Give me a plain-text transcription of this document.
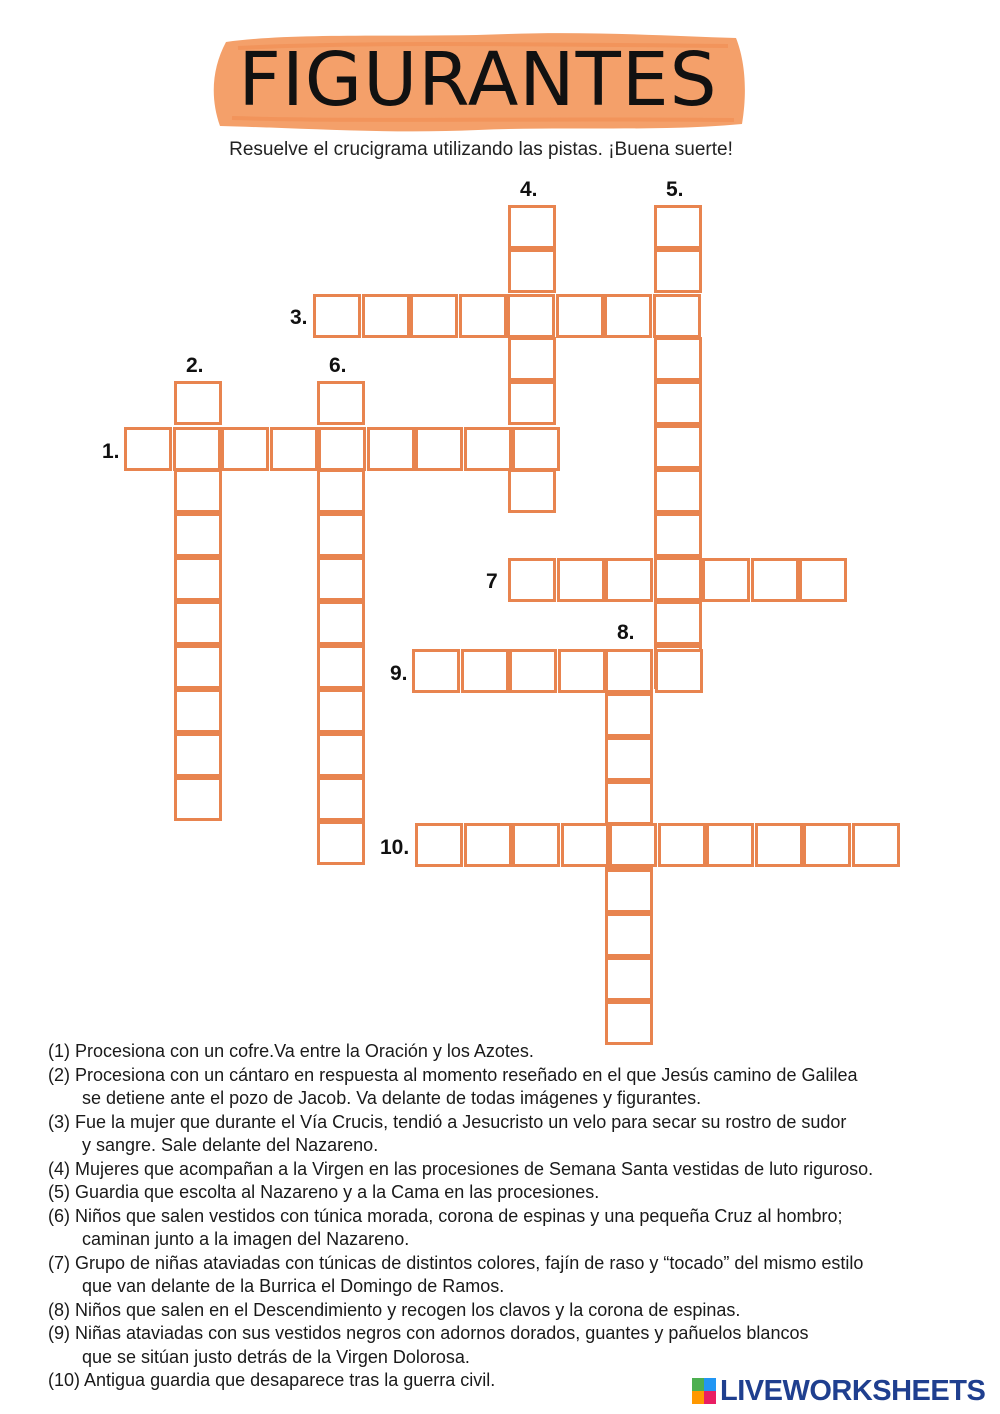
FIGURANTES
Resuelve el crucigrama utilizando las pistas. ¡Buena suerte!
1.
2.
3.
4.	5.
6.
7
8.
9.
10.

(1) Procesiona con un cofre.Va entre la Oración y los Azotes.

(2) Procesiona con un cántaro en respuesta al momento reseñado en el que Jesús camino de Galilea

se detiene ante el pozo de Jacob. Va delante de todas imágenes y figurantes.

(3) Fue la mujer que durante el Vía Crucis, tendió a Jesucristo un velo para secar su rostro de sudor

y sangre. Sale delante del Nazareno.

(4) Mujeres que acompañan a la Virgen en las procesiones de Semana Santa vestidas de luto riguroso.

(5) Guardia que escolta al Nazareno y a la Cama en las procesiones.

(6) Niños que salen vestidos con túnica morada, corona de espinas y una pequeña Cruz al hombro;

caminan junto a la imagen del Nazareno.

(7) Grupo de niñas ataviadas con túnicas de distintos colores, fajín de raso y “tocado” del mismo estilo

que van delante de la Burrica el Domingo de Ramos.

(8) Niños que salen en el Descendimiento y recogen los clavos y la corona de espinas.

(9) Niñas ataviadas con sus vestidos negros con adornos dorados, guantes y pañuelos blancos

que se sitúan justo detrás de la Virgen Dolorosa.

(10) Antigua guardia que desaparece tras la guerra civil.	LIVEWORKSHEETS
